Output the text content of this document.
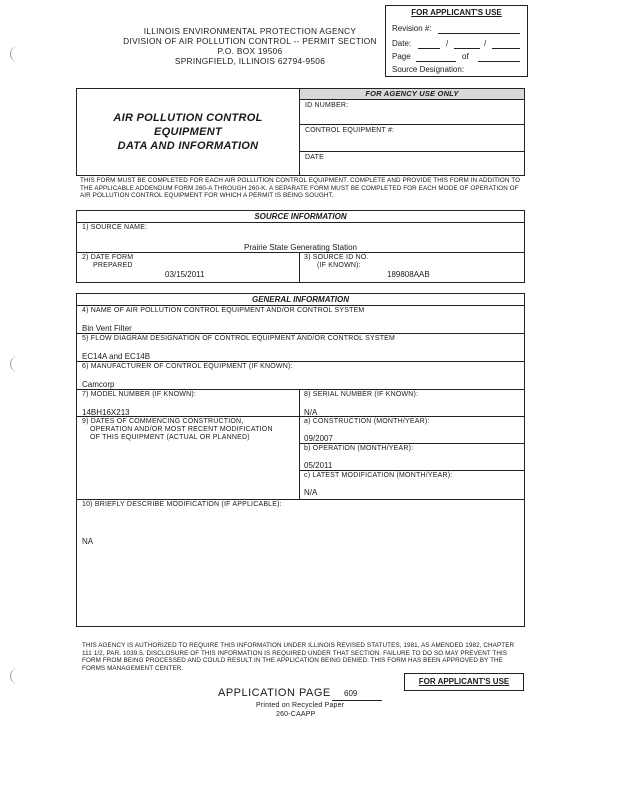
ILLINOIS ENVIRONMENTAL PROTECTION AGENCY
DIVISION OF AIR POLLUTION CONTROL -- PERMIT SECTION
P.O. BOX 19506
SPRINGFIELD, ILLINOIS 62794-9506
FOR APPLICANT'S USE
Revision #:
Date:	/	/
Page	of
Source Designation:
AIR POLLUTION CONTROL
EQUIPMENT
DATA AND INFORMATION
FOR AGENCY USE ONLY
ID NUMBER:
CONTROL EQUIPMENT #:
DATE
THIS FORM MUST BE COMPLETED FOR EACH AIR POLLUTION CONTROL EQUIPMENT. COMPLETE AND PROVIDE THIS FORM IN ADDITION TO THE APPLICABLE ADDENDUM FORM 260-A THROUGH 260-K. A SEPARATE FORM MUST BE COMPLETED FOR EACH MODE OF OPERATION OF AIR POLLUTION CONTROL EQUIPMENT FOR WHICH A PERMIT IS BEING SOUGHT.
SOURCE INFORMATION
1) SOURCE NAME:
Prairie State Generating Station
2) DATE FORM
PREPARED
03/15/2011
3) SOURCE ID NO.
(IF KNOWN):
189808AAB
GENERAL INFORMATION
4) NAME OF AIR POLLUTION CONTROL EQUIPMENT AND/OR CONTROL SYSTEM
Bin Vent Filter
5) FLOW DIAGRAM DESIGNATION OF CONTROL EQUIPMENT AND/OR CONTROL SYSTEM
EC14A and EC14B
6) MANUFACTURER OF CONTROL EQUIPMENT (IF KNOWN):
Camcorp
7) MODEL NUMBER (IF KNOWN):
14BH16X213
8) SERIAL NUMBER (IF KNOWN):
N/A
9) DATES OF COMMENCING CONSTRUCTION,
OPERATION AND/OR MOST RECENT MODIFICATION
OF THIS EQUIPMENT (ACTUAL OR PLANNED)
a) CONSTRUCTION (MONTH/YEAR):
09/2007
b) OPERATION (MONTH/YEAR):
05/2011
c) LATEST MODIFICATION (MONTH/YEAR):
N/A
10) BRIEFLY DESCRIBE MODIFICATION (IF APPLICABLE):
NA
THIS AGENCY IS AUTHORIZED TO REQUIRE THIS INFORMATION UNDER ILLINOIS REVISED STATUTES, 1981, AS AMENDED 1982, CHAPTER 111 1/2, PAR. 1039.5. DISCLOSURE OF THIS INFORMATION IS REQUIRED UNDER THAT SECTION. FAILURE TO DO SO MAY PREVENT THIS FORM FROM BEING PROCESSED AND COULD RESULT IN THE APPLICATION BEING DENIED. THIS FORM HAS BEEN APPROVED BY THE FORMS MANAGEMENT CENTER.
FOR APPLICANT'S USE
APPLICATION PAGE 609
Printed on Recycled Paper
260-CAAPP
